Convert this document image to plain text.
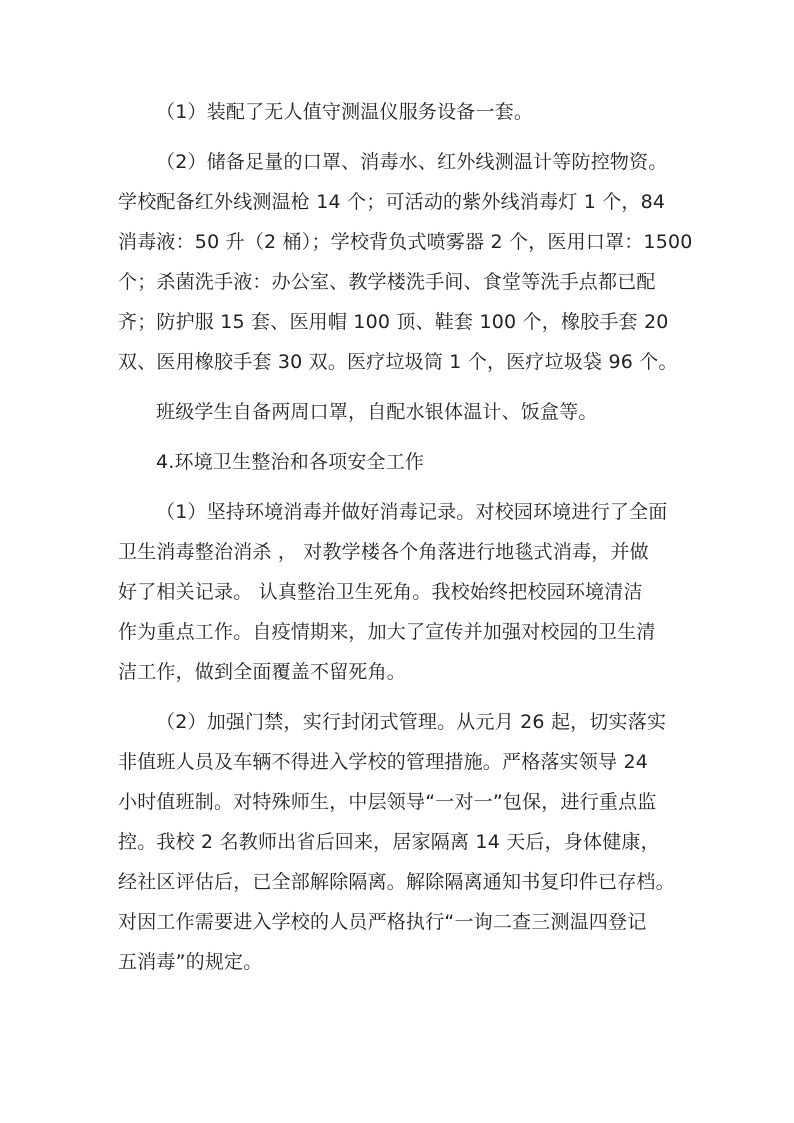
（1）装配了无人值守测温仪服务设备一套。

（2）储备足量的口罩、消毒水、红外线测温计等防控物资。
学校配备红外线测温枪 14 个；可活动的紫外线消毒灯 1 个，84
消毒液：50 升（2 桶）；学校背负式喷雾器 2 个，医用口罩：1500
个；杀菌洗手液：办公室、教学楼洗手间、食堂等洗手点都已配
齐；防护服 15 套、医用帽 100 顶、鞋套 100 个，橡胶手套 20
双、医用橡胶手套 30 双。医疗垃圾筒 1 个，医疗垃圾袋 96 个。

班级学生自备两周口罩，自配水银体温计、饭盒等。

4.环境卫生整治和各项安全工作

（1）坚持环境消毒并做好消毒记录。对校园环境进行了全面
卫生消毒整治消杀 ， 对教学楼各个角落进行地毯式消毒，并做
好了相关记录。 认真整治卫生死角。我校始终把校园环境清洁
作为重点工作。自疫情期来，加大了宣传并加强对校园的卫生清
洁工作，做到全面覆盖不留死角。

（2）加强门禁，实行封闭式管理。从元月 26 起，切实落实
非值班人员及车辆不得进入学校的管理措施。严格落实领导 24
小时值班制。对特殊师生，中层领导“一对一”包保，进行重点监
控。我校 2 名教师出省后回来，居家隔离 14 天后，身体健康，
经社区评估后，已全部解除隔离。解除隔离通知书复印件已存档。
对因工作需要进入学校的人员严格执行“一询二查三测温四登记
五消毒”的规定。
